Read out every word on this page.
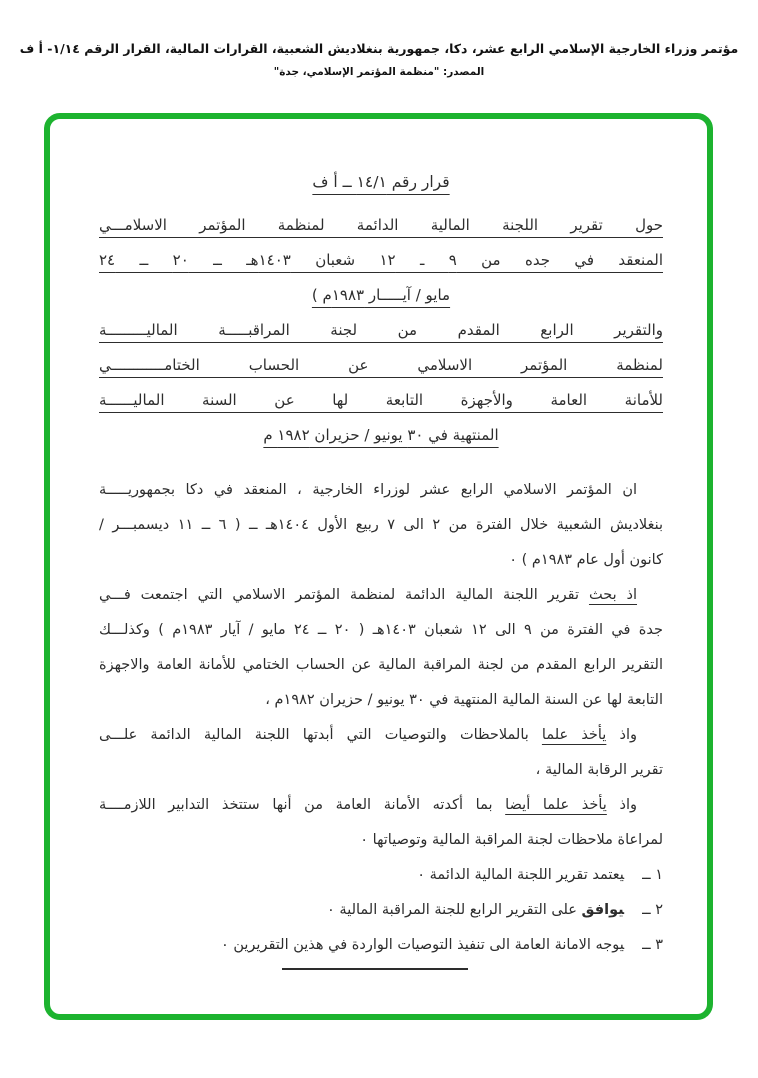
مؤتمر وزراء الخارجية الإسلامي الرابع عشر، دكا، جمهورية بنغلاديش الشعبية، القرارات المالية، القرار الرقم ١/١٤- أ ف
المصدر: "منظمة المؤتمر الإسلامي، جدة"
قرار رقم ١٤/١ ــ أ ف
حول تقرير اللجنة المالية الدائمة لمنظمة المؤتمر الاسلامـــي
المنعقد في جده من ٩ ـ ١٢ شعبان ١٤٠٣هـ ــ ٢٠ ــ ٢٤
مايو / آيـــــار ١٩٨٣م )
والتقرير الرابع المقدم من لجنة المراقبـــــة الماليـــــــــة
لمنظمة المؤتمر الاسلامي عن الحساب الختامــــــــــــي
للأمانة العامة والأجهزة التابعة لها عن السنة الماليــــــة
المنتهية في ٣٠ يونيو / حزيران ١٩٨٢ م
ان المؤتمر الاسلامي الرابع عشر لوزراء الخارجية ، المنعقد في دكا بجمهوريـــــة
بنغلاديش الشعبية خلال الفترة من ٢ الى ٧ ربيع الأول ١٤٠٤هـ ــ ( ٦ ــ ١١ ديسمبـــر /
كانون أول عام ١٩٨٣م ) ٠
اذ بحث تقرير اللجنة المالية الدائمة لمنظمة المؤتمر الاسلامي التي اجتمعت فـــي
جدة في الفترة من ٩ الى ١٢ شعبان ١٤٠٣هـ ( ٢٠ ــ ٢٤ مايو / آيار ١٩٨٣م ) وكذلـــك
التقرير الرابع المقدم من لجنة المراقبة المالية عن الحساب الختامي للأمانة العامة والاجهزة
التابعة لها عن السنة المالية المنتهية في ٣٠ يونيو / حزيران ١٩٨٢م ،
واذ يأخذ علما بالملاحظات والتوصيات التي أبدتها اللجنة المالية الدائمة علـــى
تقرير الرقابة المالية ،
واذ يأخذ علما أيضا بما أكدته الأمانة العامة من أنها ستتخذ التدابير اللازمــــة
لمراعاة ملاحظات لجنة المراقبة المالية وتوصياتها ٠
١ ــيعتمد تقرير اللجنة المالية الدائمة ٠
٢ ــيوافق على التقرير الرابع للجنة المراقبة المالية ٠
٣ ــيوجه الامانة العامة الى تنفيذ التوصيات الواردة في هذين التقريرين ٠
